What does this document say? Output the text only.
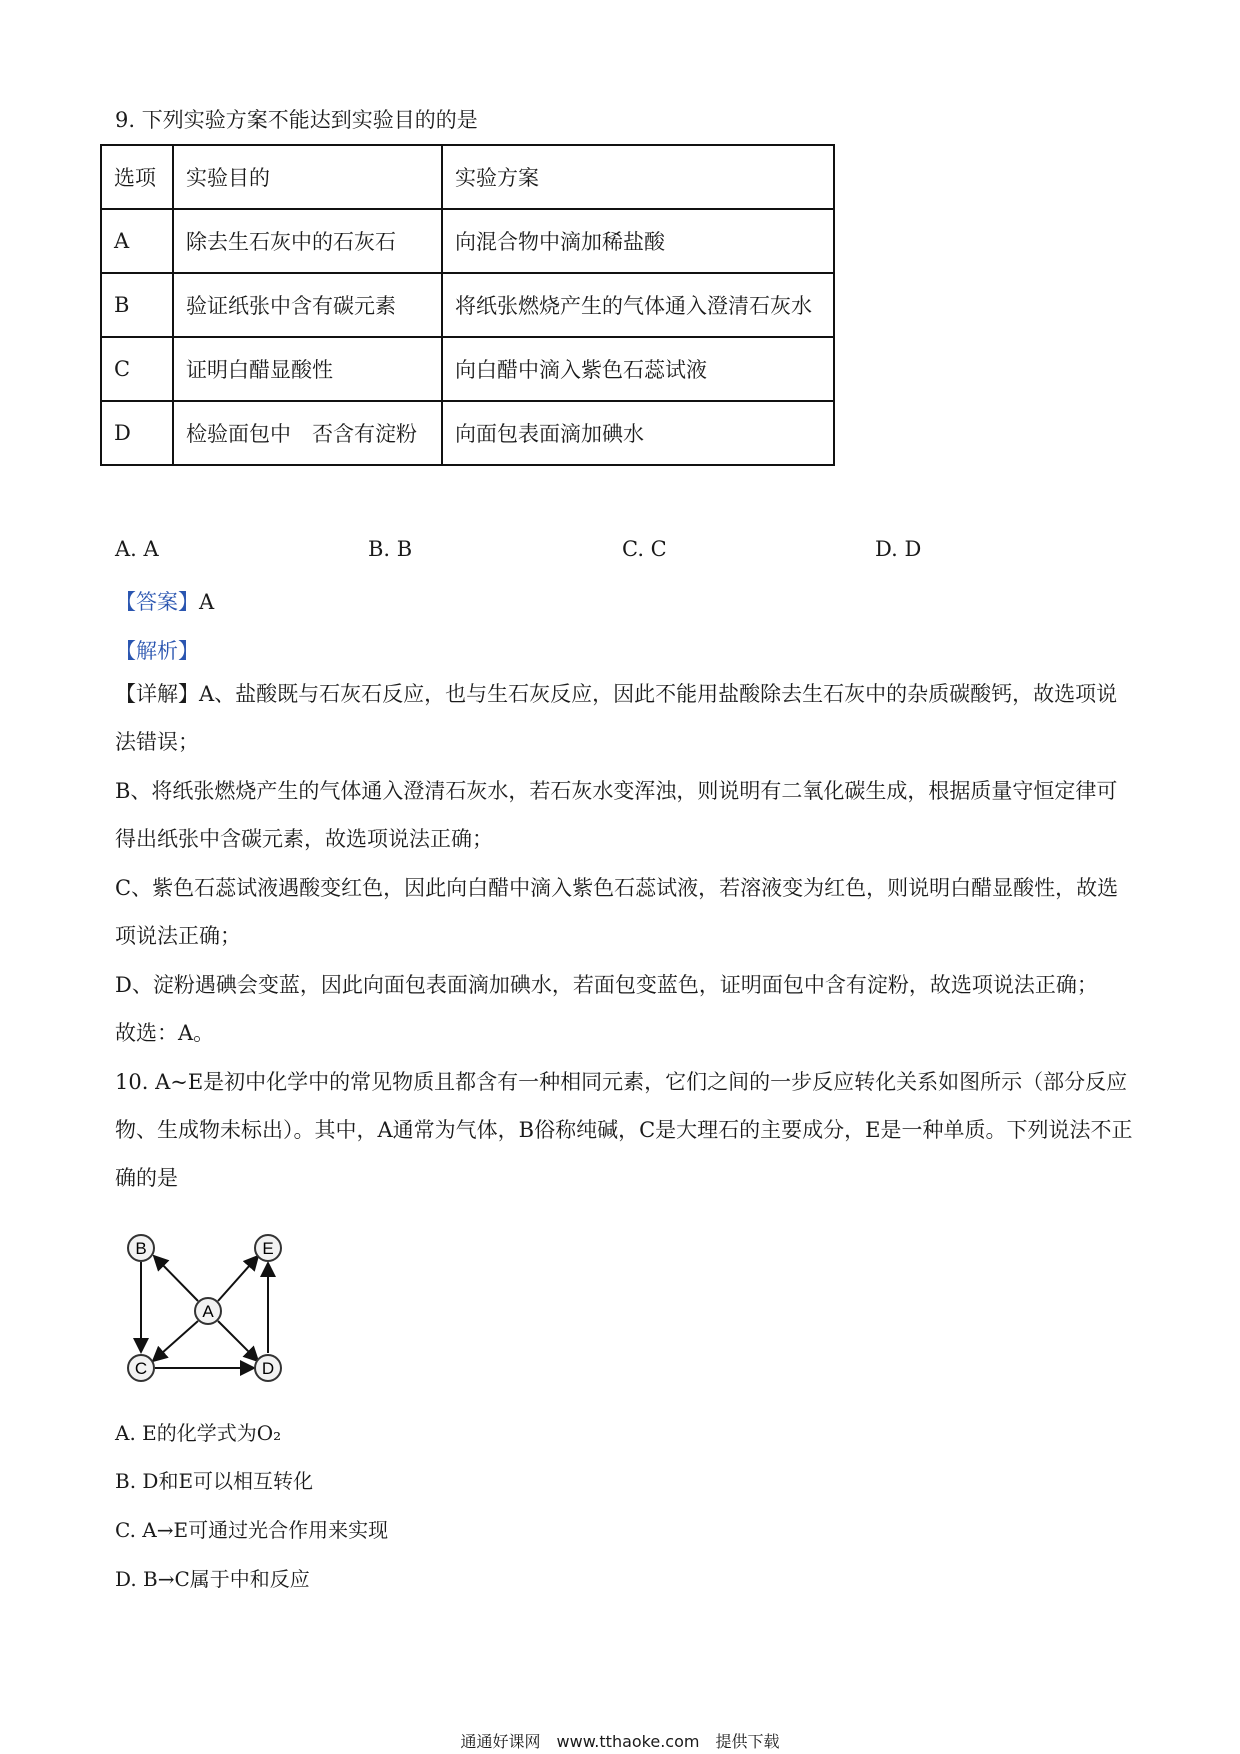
9. 下列实验方案不能达到实验目的的是
选项	实验目的	实验方案
A	除去生石灰中的石灰石	向混合物中滴加稀盐酸
B	验证纸张中含有碳元素	将纸张燃烧产生的气体通入澄清石灰水
C	证明白醋显酸性	向白醋中滴入紫色石蕊试液
D	检验面包中　否含有淀粉	向面包表面滴加碘水
A. A	B. B	C. C	D. D
【答案】A
【解析】
【详解】A、盐酸既与石灰石反应，也与生石灰反应，因此不能用盐酸除去生石灰中的杂质碳酸钙，故选项说法错误；
B、将纸张燃烧产生的气体通入澄清石灰水，若石灰水变浑浊，则说明有二氧化碳生成，根据质量守恒定律可得出纸张中含碳元素，故选项说法正确；
C、紫色石蕊试液遇酸变红色，因此向白醋中滴入紫色石蕊试液，若溶液变为红色，则说明白醋显酸性，故选项说法正确；
D、淀粉遇碘会变蓝，因此向面包表面滴加碘水，若面包变蓝色，证明面包中含有淀粉，故选项说法正确；
故选：A。
10. A~E是初中化学中的常见物质且都含有一种相同元素，它们之间的一步反应转化关系如图所示（部分反应物、生成物未标出）。其中，A通常为气体，B俗称纯碱，C是大理石的主要成分，E是一种单质。下列说法不正确的是
B	E
A
C	D
A. E的化学式为O₂
B. D和E可以相互转化
C. A→E可通过光合作用来实现
D. B→C属于中和反应
通通好课网　www.tthaoke.com　提供下载
